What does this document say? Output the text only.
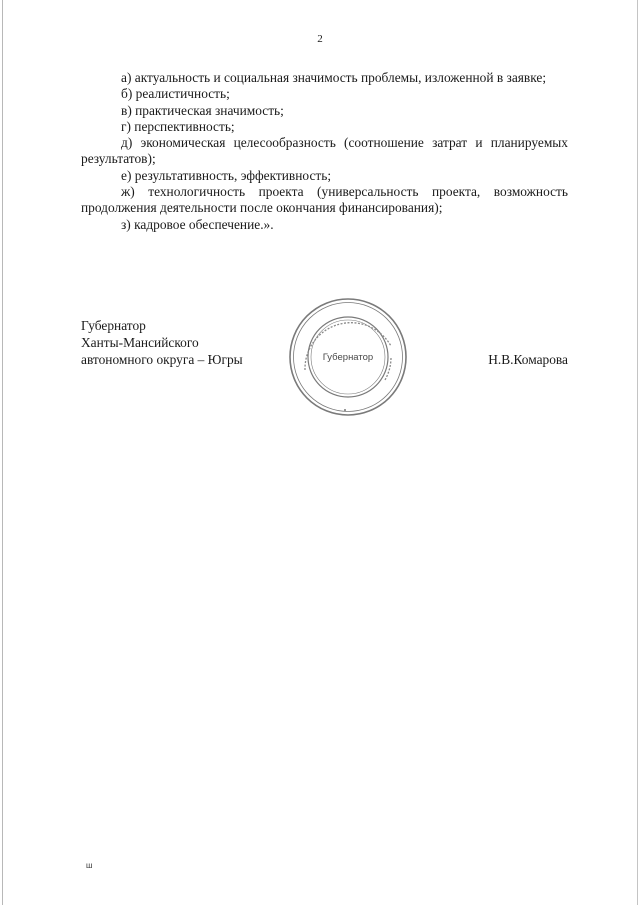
2

а) актуальность и социальная значимость проблемы, изложенной в заявке;

б) реалистичность;

в) практическая значимость;

г) перспективность;

д) экономическая целесообразность (соотношение затрат и планируемых результатов);

е) результативность, эффективность;

ж) технологичность проекта (универсальность проекта, возможность продолжения деятельности после окончания финансирования);

з) кадровое обеспечение.».

Губернатор
Ханты-Мансийского
автономного округа – Югры	Н.В.Комарова
Губернатор
ш
